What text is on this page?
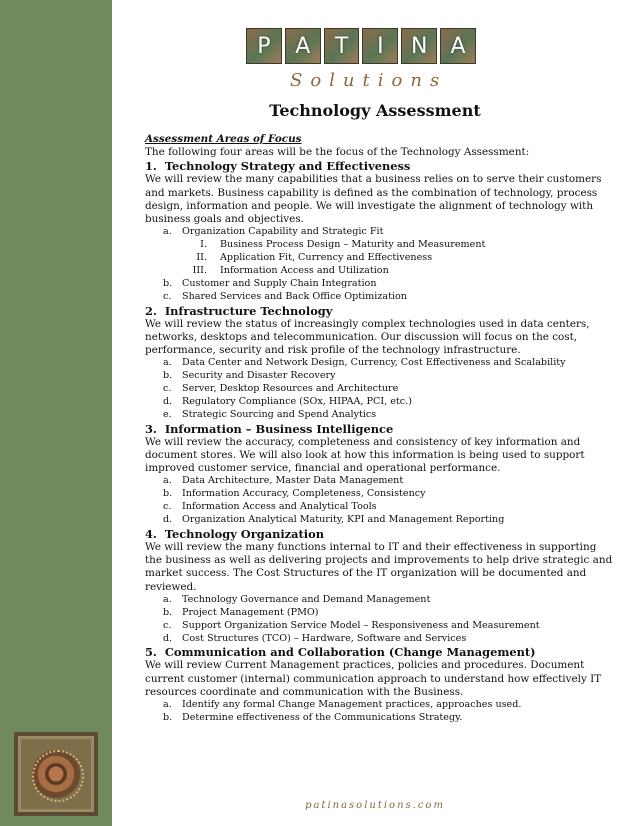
P	A	T	I	N	A
Solutions
Technology Assessment

Assessment Areas of Focus

The following four areas will be the focus of the Technology Assessment:

1.  Technology Strategy and Effectiveness

We will review the many capabilities that a business relies on to serve their customers and markets. Business capability is defined as the combination of technology, process design, information and people. We will investigate the alignment of technology with business goals and objectives.

a. Organization Capability and Strategic Fit
I. Business Process Design – Maturity and Measurement
II. Application Fit, Currency and Effectiveness
III. Information Access and Utilization
b. Customer and Supply Chain Integration
c. Shared Services and Back Office Optimization

2.  Infrastructure Technology

We will review the status of increasingly complex technologies used in data centers, networks, desktops and telecommunication. Our discussion will focus on the cost, performance, security and risk profile of the technology infrastructure.

a. Data Center and Network Design, Currency, Cost Effectiveness and Scalability
b. Security and Disaster Recovery
c. Server, Desktop Resources and Architecture
d. Regulatory Compliance (SOx, HIPAA, PCI, etc.)
e. Strategic Sourcing and Spend Analytics

3.  Information – Business Intelligence

We will review the accuracy, completeness and consistency of key information and document stores. We will also look at how this information is being used to support improved customer service, financial and operational performance.

a. Data Architecture, Master Data Management
b. Information Accuracy, Completeness, Consistency
c. Information Access and Analytical Tools
d. Organization Analytical Maturity, KPI and Management Reporting

4.  Technology Organization

We will review the many functions internal to IT and their effectiveness in supporting the business as well as delivering projects and improvements to help drive strategic and market success. The Cost Structures of the IT organization will be documented and reviewed.

a. Technology Governance and Demand Management
b. Project Management (PMO)
c. Support Organization Service Model – Responsiveness and Measurement
d. Cost Structures (TCO) – Hardware, Software and Services

5.  Communication and Collaboration (Change Management)

We will review Current Management practices, policies and procedures. Document current customer (internal) communication approach to understand how effectively IT resources coordinate and communication with the Business.

a. Identify any formal Change Management practices, approaches used.
b. Determine effectiveness of the Communications Strategy.
patinasolutions.com
